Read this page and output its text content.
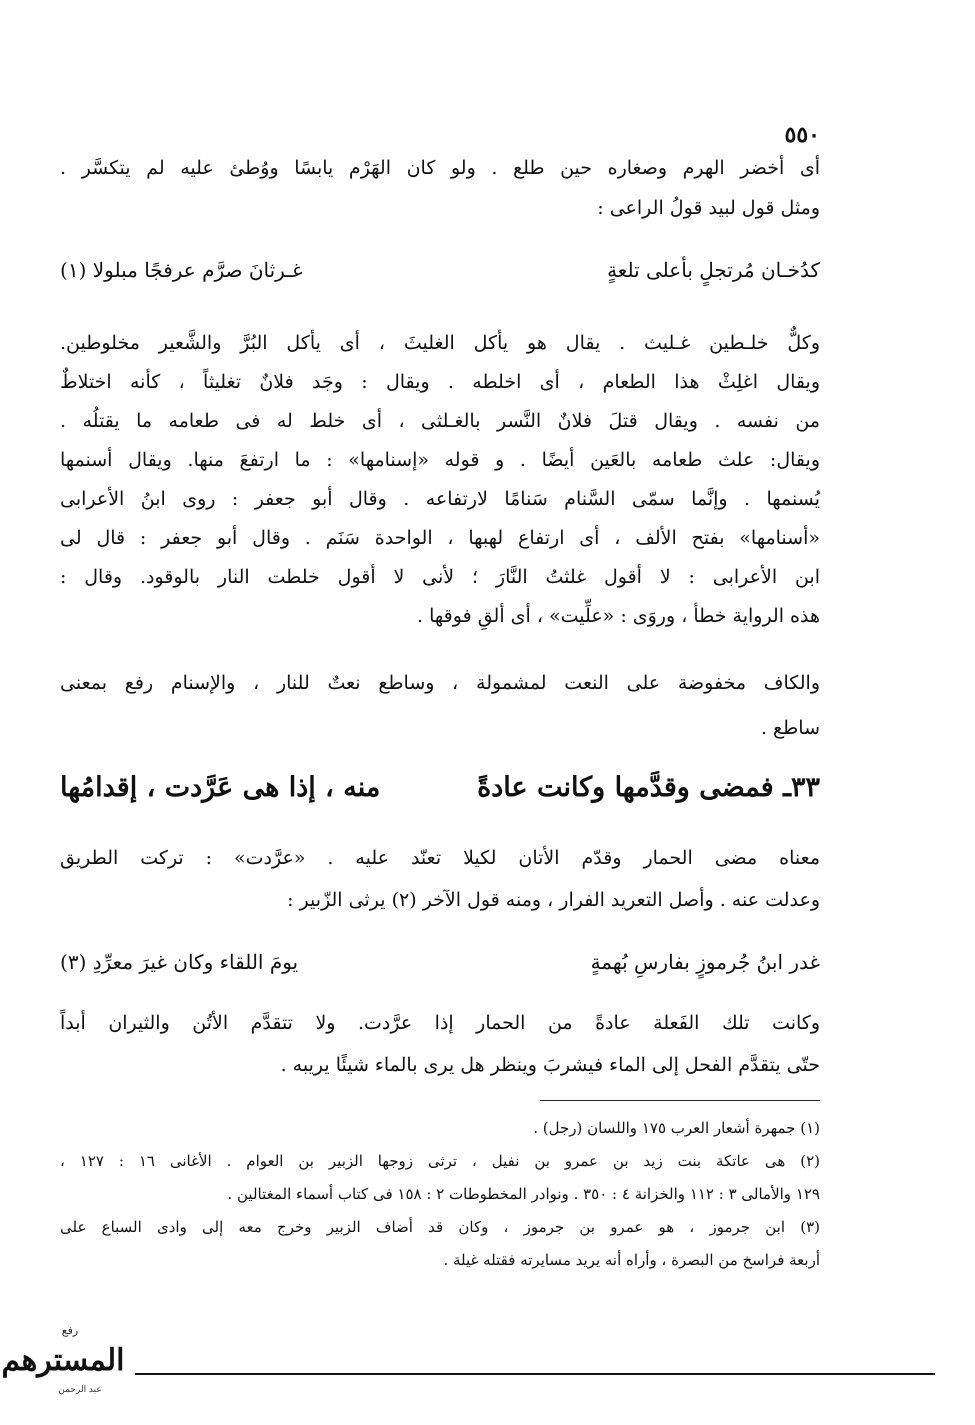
٥٥٠
أى أخضر الهرم وصغاره حين طلع . ولو كان الهَرْم يابسًا ووُطئ عليه لم يتكسَّر .
ومثل قول لبيد قولُ الراعى :
كدُخـان مُرتجلٍ بأعلى تلعةٍ
غـرثانَ صرَّم عرفجًا مبلولا (١)
وكلٌّ خلـطين غـليث . يقال هو يأكل الغليثَ ، أى يأكل البُرَّ والشَّعير مخلوطين.
ويقال اغلِثْ هذا الطعام ، أى اخلطه . ويقال : وجَد فلانٌ تغليثاً ، كأنه اختلاطٌ
من نفسه . ويقال قتلَ فلانٌ النَّسر بالغـلثى ، أى خلط له فى طعامه ما يقتلُه .
ويقال: علث طعامه بالعَين أيضًا . و قوله «إسنامها» : ما ارتفعَ منها. ويقال أسنمها
يُسنمها . وإنَّما سمّى السَّنام سَنامًا لارتفاعه . وقال أبو جعفر : روى ابنُ الأعرابى
«أسنامها» بفتح الألف ، أى ارتفاع لهبها ، الواحدة سَنَم . وقال أبو جعفر : قال لى
ابن الأعرابى : لا أقول غلثتُ النَّارَ ؛ لأنى لا أقول خلطت النار بالوقود. وقال :
هذه الرواية خطأ ، وروَى : «علِّيت» ، أى ألقِ فوقها .
والكاف مخفوضة على النعت لمشمولة ، وساطع نعتٌ للنار ، والإسنام رفع بمعنى
ساطع .
٣٣ـ فمضى وقدَّمها وكانت عادةً
منه ، إذا هى عَرَّدت ، إقدامُها
معناه مضى الحمار وقدّم الأتان لكيلا تعنّد عليه . «عرَّدت» : تركت الطريق
وعدلت عنه . وأصل التعريد الفرار ، ومنه قول الآخر (٢) يرثى الزّبير :
غدر ابنُ جُرموزٍ بفارسِ بُهمةٍ
يومَ اللقاء وكان غيرَ معرِّدِ (٣)
وكانت تلك الفَعلة عادةً من الحمار إذا عرَّدت. ولا تتقدَّم الأتُن والثيران أبداً
حتّى يتقدَّم الفحل إلى الماء فيشربَ وينظر هل يرى بالماء شيئًا يريبه .
(١) جمهرة أشعار العرب ١٧٥ واللسان (رجل) .
(٢) هى عاتكة بنت زيد بن عمرو بن نفيل ، ترثى زوجها الزبير بن العوام . الأغانى ١٦ : ١٢٧ ،
١٢٩ والأمالى ٣ : ١١٢ والخزانة ٤ : ٣٥٠ . ونوادر المخطوطات ٢ : ١٥٨ فى كتاب أسماء المغتالين .
(٣) ابن جرموز ، هو عمرو بن جرموز ، وكان قد أضاف الزبير وخرج معه إلى وادى السباع على
أربعة فراسخ من البصرة ، وأراه أنه يريد مسايرته فقتله غيلة .
رفع
المسترهم
عبد الرحمن
